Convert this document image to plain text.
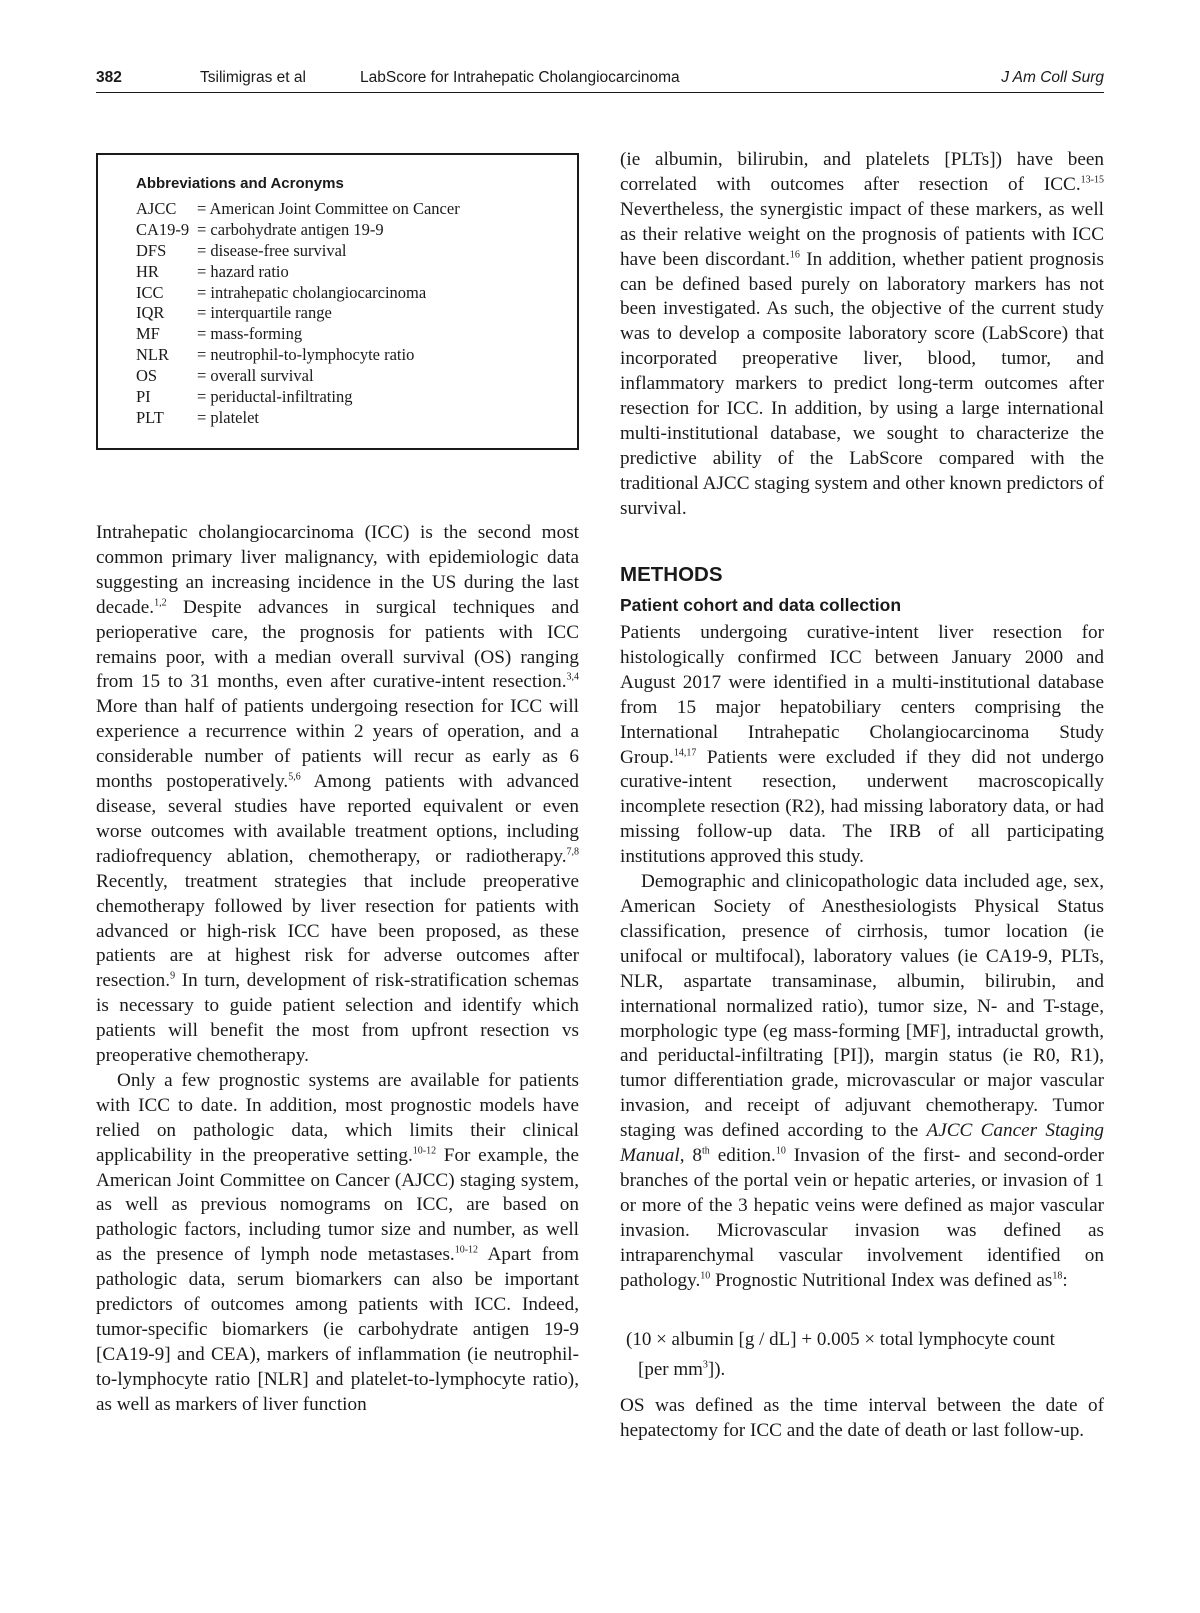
382	Tsilimigras et al	LabScore for Intrahepatic Cholangiocarcinoma	J Am Coll Surg
Abbreviations and Acronyms
AJCC = American Joint Committee on Cancer
CA19-9 = carbohydrate antigen 19-9
DFS = disease-free survival
HR = hazard ratio
ICC = intrahepatic cholangiocarcinoma
IQR = interquartile range
MF = mass-forming
NLR = neutrophil-to-lymphocyte ratio
OS = overall survival
PI	= periductal-infiltrating
PLT = platelet

Intrahepatic cholangiocarcinoma (ICC) is the second most common primary liver malignancy, with epidemiologic data suggesting an increasing incidence in the US during the last decade.$^{1,2}$ Despite advances in surgical techniques and perioperative care, the prognosis for patients with ICC remains poor, with a median overall survival (OS) ranging from 15 to 31 months, even after curative-intent resection.$^{3,4}$ More than half of patients undergoing resection for ICC will experience a recurrence within 2 years of operation, and a considerable number of patients will recur as early as 6 months postoperatively.$^{5,6}$ Among patients with advanced disease, several studies have reported equivalent or even worse outcomes with available treatment options, including radiofrequency ablation, chemotherapy, or radiotherapy.$^{7,8}$ Recently, treatment strategies that include preoperative chemotherapy followed by liver resection for patients with advanced or high-risk ICC have been proposed, as these patients are at highest risk for adverse outcomes after resection.$^9$ In turn, development of risk-stratification schemas is necessary to guide patient selection and identify which patients will benefit the most from upfront resection vs preoperative chemotherapy.

Only a few prognostic systems are available for patients with ICC to date. In addition, most prognostic models have relied on pathologic data, which limits their clinical applicability in the preoperative setting.$^{10-12}$ For example, the American Joint Committee on Cancer (AJCC) staging system, as well as previous nomograms on ICC, are based on pathologic factors, including tumor size and number, as well as the presence of lymph node metastases.$^{10-12}$ Apart from pathologic data, serum biomarkers can also be important predictors of outcomes among patients with ICC. Indeed, tumor-specific biomarkers (ie carbohydrate antigen 19-9 [CA19-9] and CEA), markers of inflammation (ie neutrophil-to-lymphocyte ratio [NLR] and platelet-to-lymphocyte ratio), as well as markers of liver function

(ie albumin, bilirubin, and platelets [PLTs]) have been correlated with outcomes after resection of ICC.$^{13-15}$ Nevertheless, the synergistic impact of these markers, as well as their relative weight on the prognosis of patients with ICC have been discordant.$^{16}$ In addition, whether patient prognosis can be defined based purely on laboratory markers has not been investigated. As such, the objective of the current study was to develop a composite laboratory score (LabScore) that incorporated preoperative liver, blood, tumor, and inflammatory markers to predict long-term outcomes after resection for ICC. In addition, by using a large international multi-institutional database, we sought to characterize the predictive ability of the LabScore compared with the traditional AJCC staging system and other known predictors of survival.

METHODS
Patient cohort and data collection

Patients undergoing curative-intent liver resection for histologically confirmed ICC between January 2000 and August 2017 were identified in a multi-institutional database from 15 major hepatobiliary centers comprising the International Intrahepatic Cholangiocarcinoma Study Group.$^{14,17}$ Patients were excluded if they did not undergo curative-intent resection, underwent macroscopically incomplete resection (R2), had missing laboratory data, or had missing follow-up data. The IRB of all participating institutions approved this study.

Demographic and clinicopathologic data included age, sex, American Society of Anesthesiologists Physical Status classification, presence of cirrhosis, tumor location (ie unifocal or multifocal), laboratory values (ie CA19-9, PLTs, NLR, aspartate transaminase, albumin, bilirubin, and international normalized ratio), tumor size, N- and T-stage, morphologic type (eg mass-forming [MF], intraductal growth, and periductal-infiltrating [PI]), margin status (ie R0, R1), tumor differentiation grade, microvascular or major vascular invasion, and receipt of adjuvant chemotherapy. Tumor staging was defined according to the AJCC Cancer Staging Manual, 8th edition.$^{10}$ Invasion of the first- and second-order branches of the portal vein or hepatic arteries, or invasion of 1 or more of the 3 hepatic veins were defined as major vascular invasion. Microvascular invasion was defined as intraparenchymal vascular involvement identified on pathology.$^{10}$ Prognostic Nutritional Index was defined $as^{18}$:

(10 × albumin [g / dL] + 0.005 × total lymphocyte count
[per $mm^3$]).

OS was defined as the time interval between the date of hepatectomy for ICC and the date of death or last follow-up.
